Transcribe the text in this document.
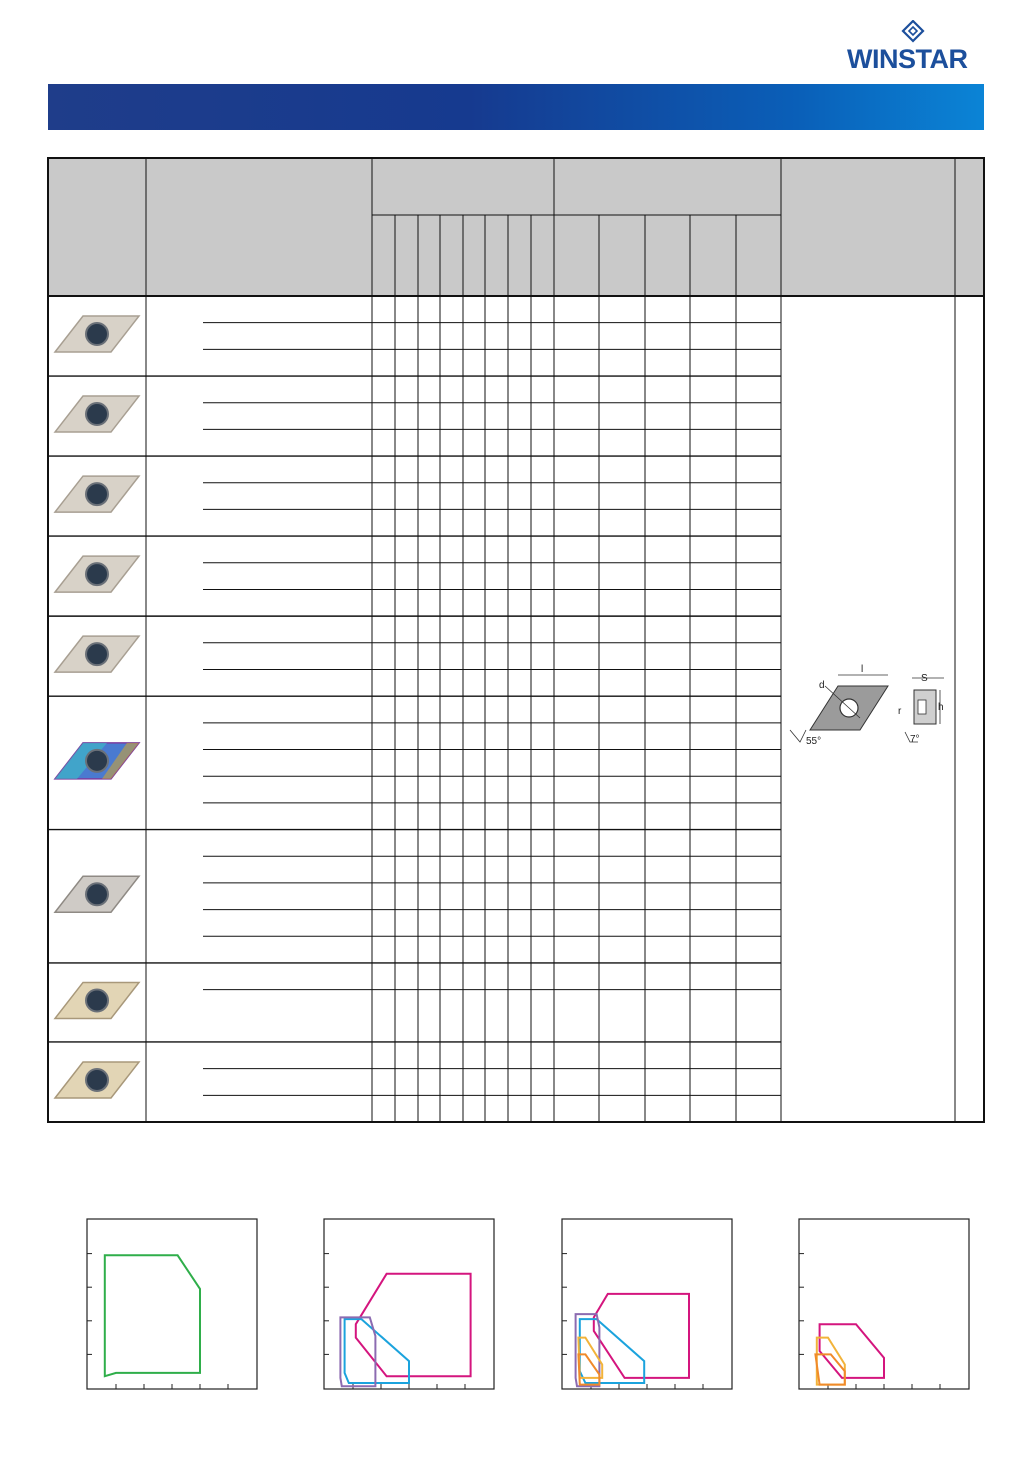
WINSTAR
d
l
r
S
h
55°	7°
